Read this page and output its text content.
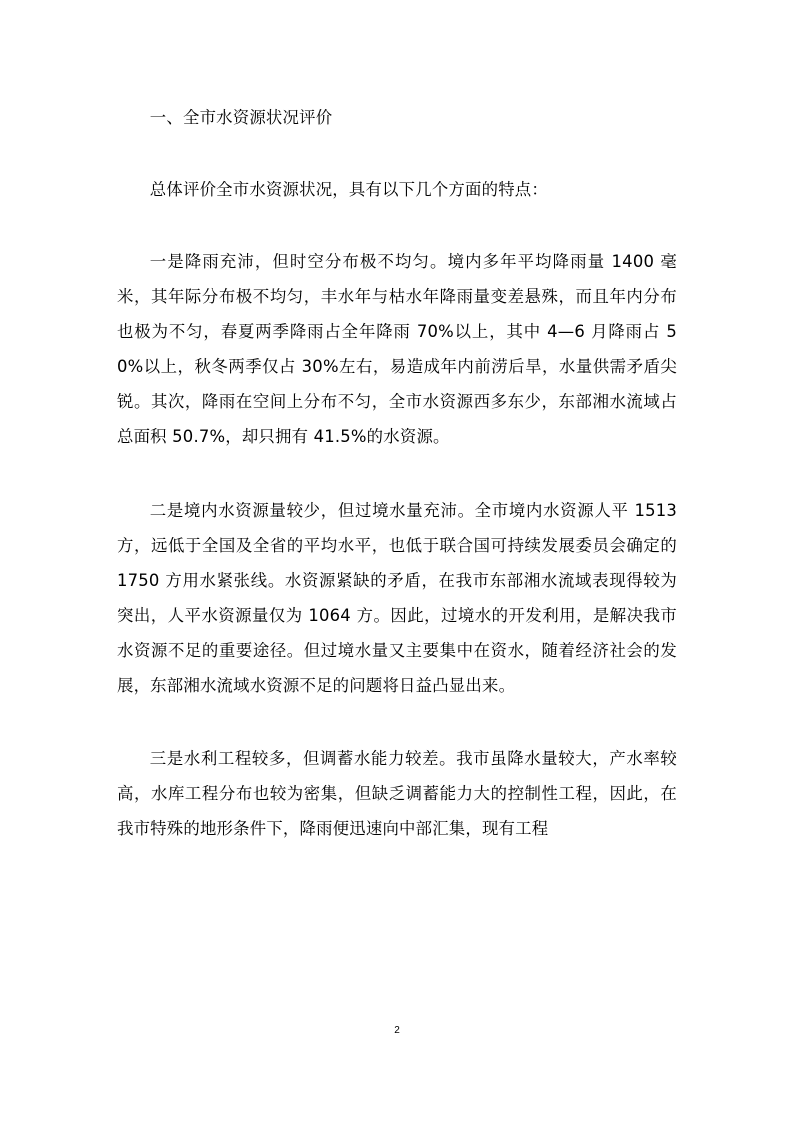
一、全市水资源状况评价

总体评价全市水资源状况，具有以下几个方面的特点：

一是降雨充沛，但时空分布极不均匀。境内多年平均降雨量 1400 毫米，其年际分布极不均匀，丰水年与枯水年降雨量变差悬殊，而且年内分布也极为不匀，春夏两季降雨占全年降雨 70%以上，其中 4—6 月降雨占 50%以上，秋冬两季仅占 30%左右，易造成年内前涝后旱，水量供需矛盾尖锐。其次，降雨在空间上分布不匀，全市水资源西多东少，东部湘水流域占总面积 50.7%，却只拥有 41.5%的水资源。

二是境内水资源量较少，但过境水量充沛。全市境内水资源人平 1513 方，远低于全国及全省的平均水平，也低于联合国可持续发展委员会确定的 1750 方用水紧张线。水资源紧缺的矛盾，在我市东部湘水流域表现得较为突出，人平水资源量仅为 1064 方。因此，过境水的开发利用，是解决我市水资源不足的重要途径。但过境水量又主要集中在资水，随着经济社会的发展，东部湘水流域水资源不足的问题将日益凸显出来。

三是水利工程较多，但调蓄水能力较差。我市虽降水量较大，产水率较高，水库工程分布也较为密集，但缺乏调蓄能力大的控制性工程，因此，在我市特殊的地形条件下，降雨便迅速向中部汇集，现有工程

2
